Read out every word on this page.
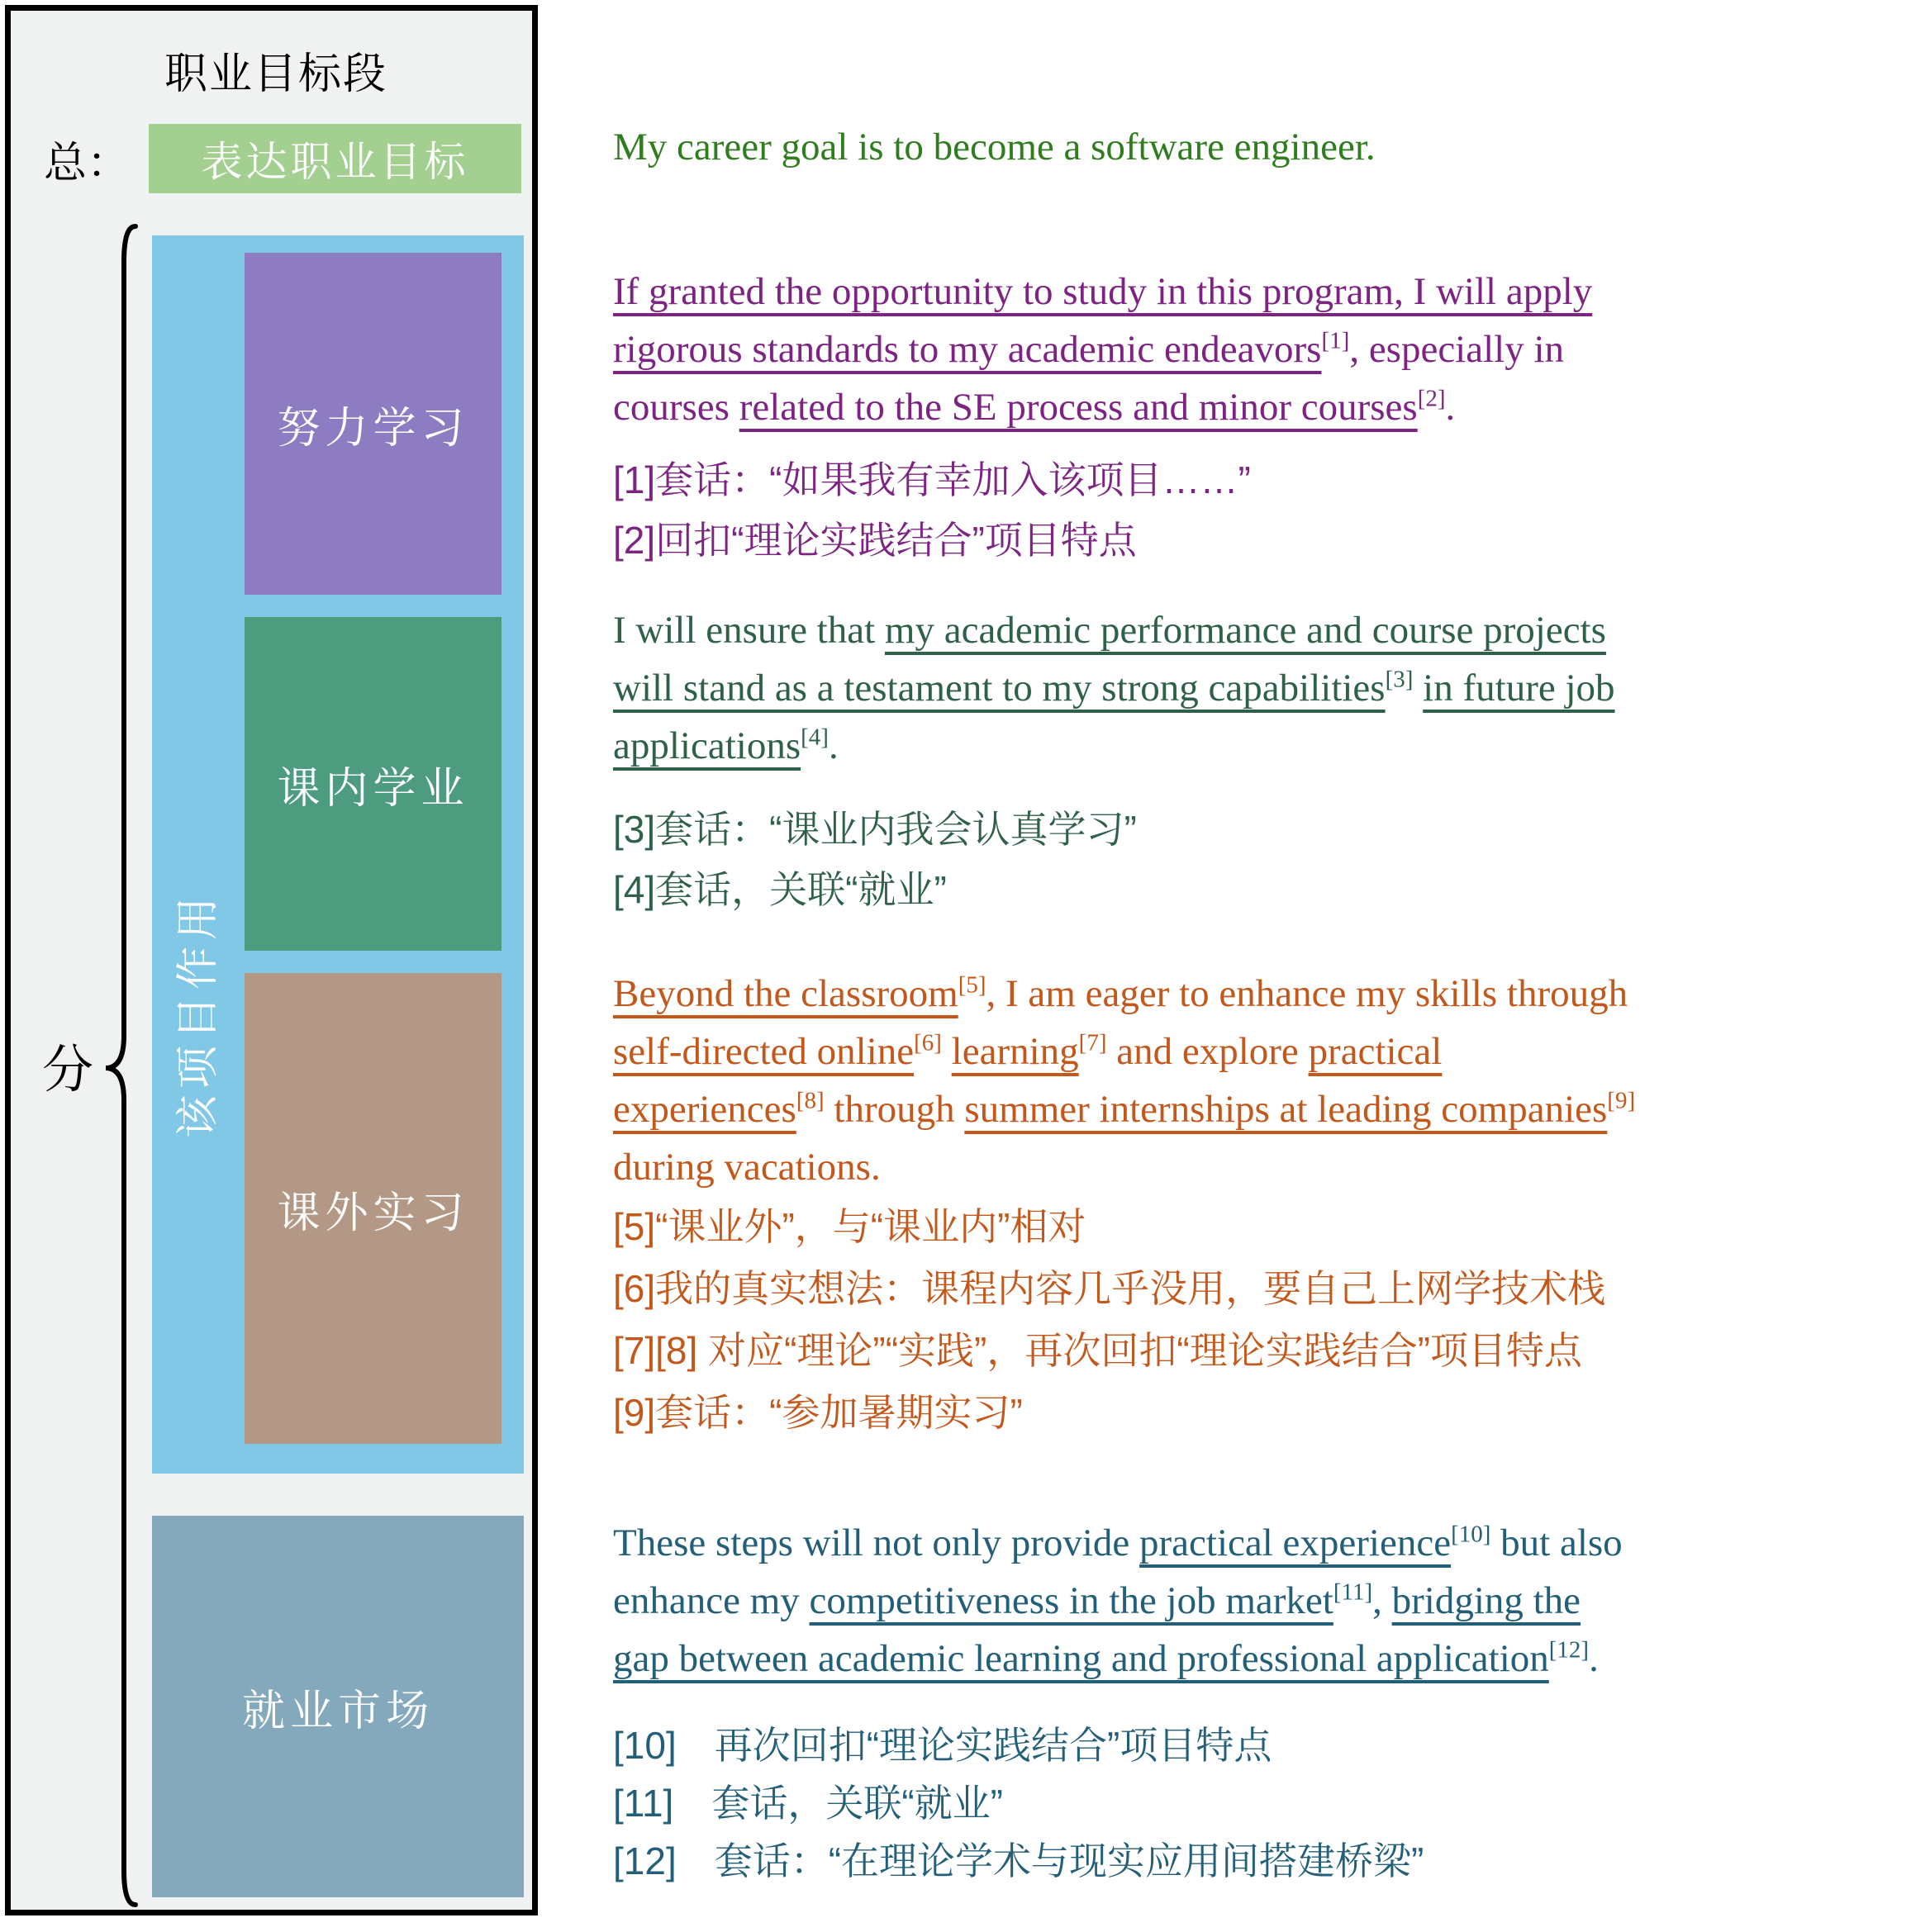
职业目标段
总： 表达职业目标
分 该项目作用
努力学习
课内学业
课外实习
就业市场
My career goal is to become a software engineer.
If granted the opportunity to study in this program, I will apply
rigorous standards to my academic endeavors[1], especially in
courses related to the SE process and minor courses[2].
[1]套话：“如果我有幸加入该项目……”
[2]回扣“理论实践结合”项目特点
I will ensure that my academic performance and course projects
will stand as a testament to my strong capabilities[3] in future job
applications[4].
[3]套话：“课业内我会认真学习”
[4]套话，关联“就业”
Beyond the classroom[5], I am eager to enhance my skills through
self-directed online[6] learning[7] and explore practical
experiences[8] through summer internships at leading companies[9]
during vacations.
[5]“课业外”，与“课业内”相对
[6]我的真实想法：课程内容几乎没用，要自己上网学技术栈
[7][8] 对应“理论”“实践”，再次回扣“理论实践结合”项目特点
[9]套话：“参加暑期实习”
These steps will not only provide practical experience[10] but also
enhance my competitiveness in the job market[11], bridging the
gap between academic learning and professional application[12].
[10]　再次回扣“理论实践结合”项目特点
[11]　套话，关联“就业”
[12]　套话：“在理论学术与现实应用间搭建桥梁”
